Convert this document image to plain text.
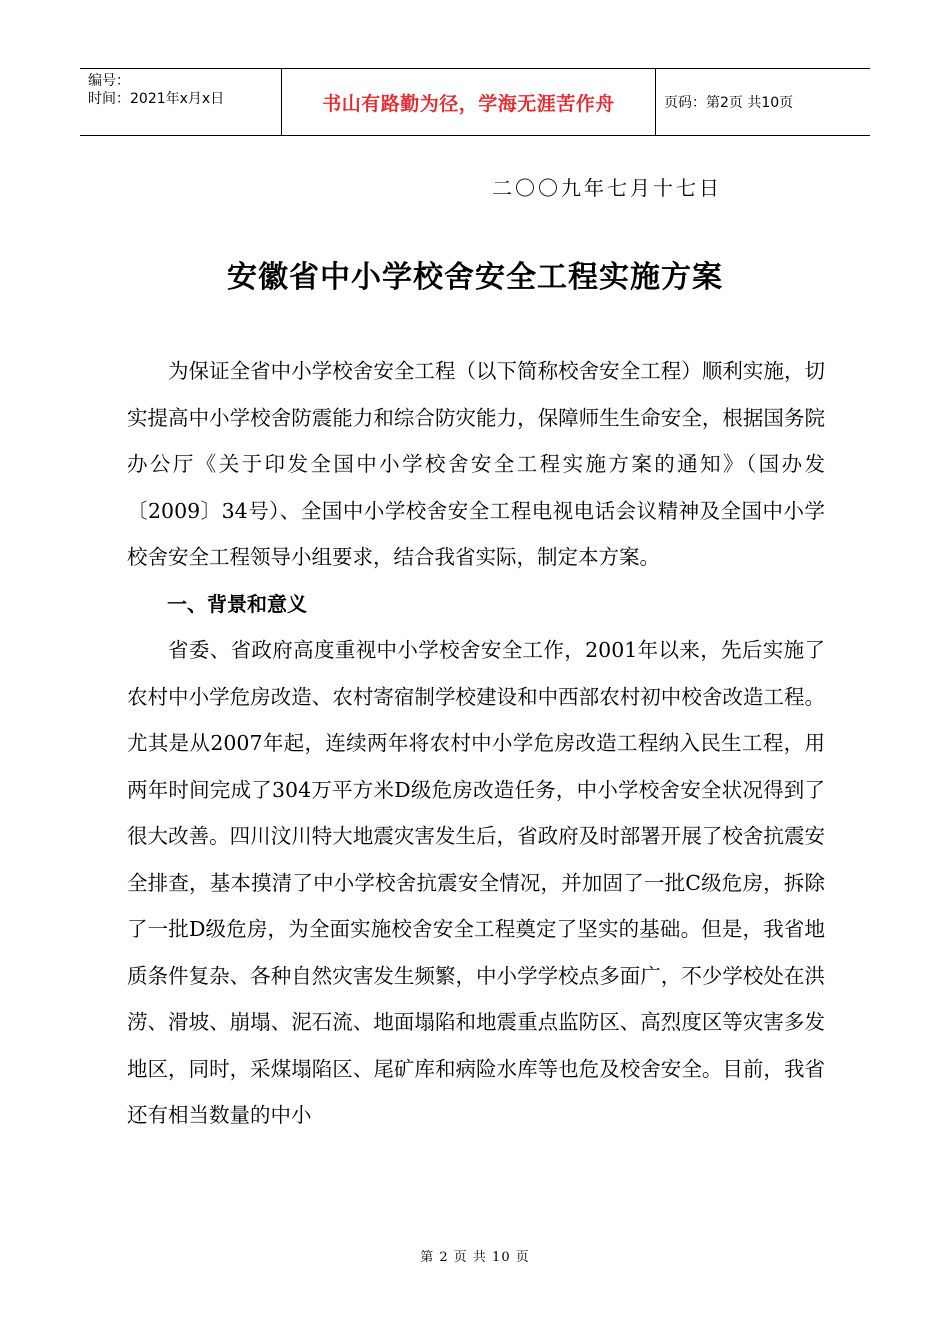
编号：
时间：2021年x月x日	书山有路勤为径，学海无涯苦作舟	页码：第2页 共10页
二〇〇九年七月十七日
安徽省中小学校舍安全工程实施方案

为保证全省中小学校舍安全工程（以下简称校舍安全工程）顺利实施，切实提高中小学校舍防震能力和综合防灾能力，保障师生生命安全，根据国务院办公厅《关于印发全国中小学校舍安全工程实施方案的通知》（国办发〔2009〕34号）、全国中小学校舍安全工程电视电话会议精神及全国中小学校舍安全工程领导小组要求，结合我省实际，制定本方案。

一、背景和意义

省委、省政府高度重视中小学校舍安全工作，2001年以来，先后实施了农村中小学危房改造、农村寄宿制学校建设和中西部农村初中校舍改造工程。尤其是从2007年起，连续两年将农村中小学危房改造工程纳入民生工程，用两年时间完成了304万平方米D级危房改造任务，中小学校舍安全状况得到了很大改善。四川汶川特大地震灾害发生后，省政府及时部署开展了校舍抗震安全排查，基本摸清了中小学校舍抗震安全情况，并加固了一批C级危房，拆除了一批D级危房，为全面实施校舍安全工程奠定了坚实的基础。但是，我省地质条件复杂、各种自然灾害发生频繁，中小学学校点多面广，不少学校处在洪涝、滑坡、崩塌、泥石流、地面塌陷和地震重点监防区、高烈度区等灾害多发地区，同时，采煤塌陷区、尾矿库和病险水库等也危及校舍安全。目前，我省还有相当数量的中小

第 2 页 共 10 页
